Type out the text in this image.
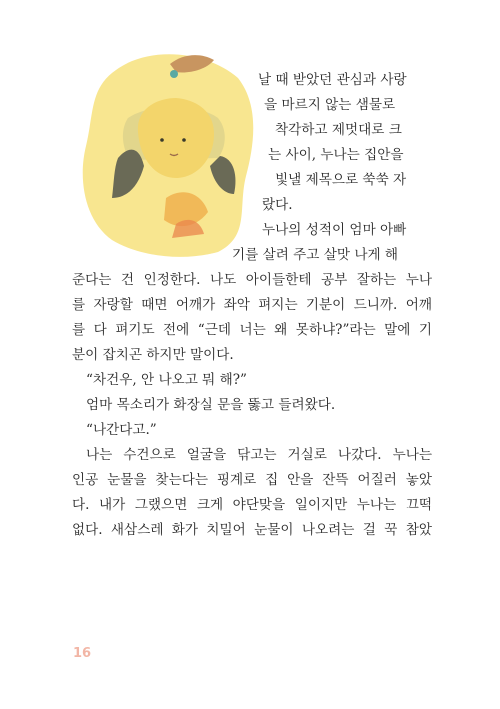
날 때 받았던 관심과 사랑
을 마르지 않는 샘물로
착각하고 제멋대로 크
는 사이, 누나는 집안을
빛낼 제목으로 쑥쑥 자
랐다.
누나의 성적이 엄마 아빠
기를 살려 주고 살맛 나게 해
준다는 건 인정한다. 나도 아이들한테 공부 잘하는 누나
를 자랑할 때면 어깨가 좌악 펴지는 기분이 드니까. 어깨
를 다 펴기도 전에 “근데 너는 왜 못하냐?”라는 말에 기
분이 잡치곤 하지만 말이다.
“차건우, 안 나오고 뭐 해?”
엄마 목소리가 화장실 문을 뚫고 들려왔다.
“나간다고.”
나는 수건으로 얼굴을 닦고는 거실로 나갔다. 누나는
인공 눈물을 찾는다는 핑계로 집 안을 잔뜩 어질러 놓았
다. 내가 그랬으면 크게 야단맞을 일이지만 누나는 끄떡
없다. 새삼스레 화가 치밀어 눈물이 나오려는 걸 꾹 참았
16
